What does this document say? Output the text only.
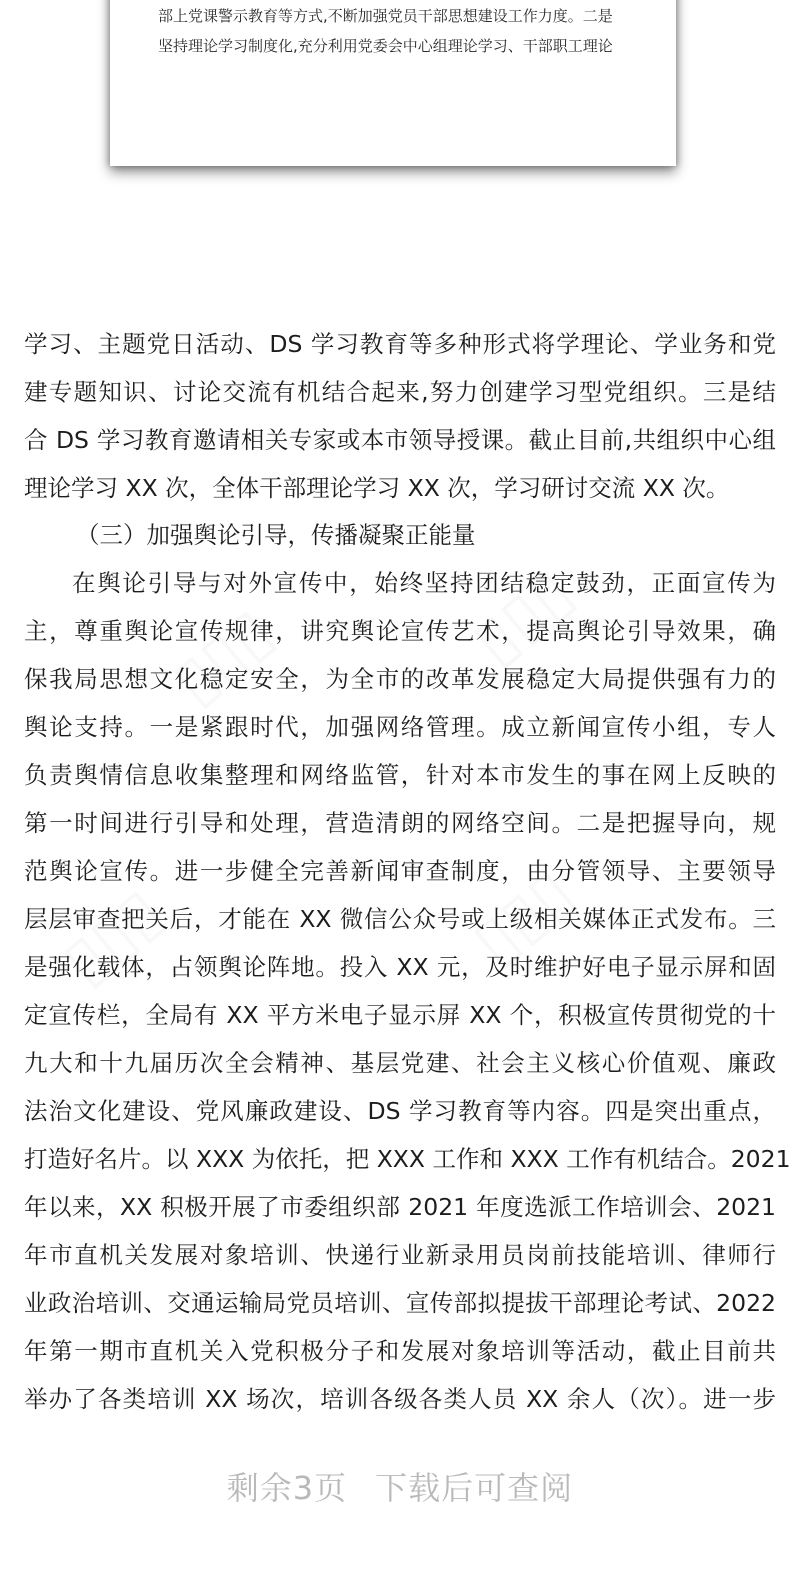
部上党课警示教育等方式,不断加强党员干部思想建设工作力度。二是
坚持理论学习制度化,充分利用党委会中心组理论学习、干部职工理论
▯▯▯	▯▯▯
▯▯▯	▯▯▯
学习、主题党日活动、DS 学习教育等多种形式将学理论、学业务和党
建专题知识、讨论交流有机结合起来,努力创建学习型党组织。三是结
合 DS 学习教育邀请相关专家或本市领导授课。截止目前,共组织中心组
理论学习 XX 次，全体干部理论学习 XX 次，学习研讨交流 XX 次。
（三）加强舆论引导，传播凝聚正能量
在舆论引导与对外宣传中，始终坚持团结稳定鼓劲，正面宣传为
主，尊重舆论宣传规律，讲究舆论宣传艺术，提高舆论引导效果，确
保我局思想文化稳定安全，为全市的改革发展稳定大局提供强有力的
舆论支持。一是紧跟时代，加强网络管理。成立新闻宣传小组，专人
负责舆情信息收集整理和网络监管，针对本市发生的事在网上反映的
第一时间进行引导和处理，营造清朗的网络空间。二是把握导向，规
范舆论宣传。进一步健全完善新闻审查制度，由分管领导、主要领导
层层审查把关后，才能在 XX 微信公众号或上级相关媒体正式发布。三
是强化载体，占领舆论阵地。投入 XX 元，及时维护好电子显示屏和固
定宣传栏，全局有 XX 平方米电子显示屏 XX 个，积极宣传贯彻党的十
九大和十九届历次全会精神、基层党建、社会主义核心价值观、廉政
法治文化建设、党风廉政建设、DS 学习教育等内容。四是突出重点，
打造好名片。以 XXX 为依托，把 XXX 工作和 XXX 工作有机结合。2021
年以来，XX 积极开展了市委组织部 2021 年度选派工作培训会、2021
年市直机关发展对象培训、快递行业新录用员岗前技能培训、律师行
业政治培训、交通运输局党员培训、宣传部拟提拔干部理论考试、2022
年第一期市直机关入党积极分子和发展对象培训等活动，截止目前共
举办了各类培训 XX 场次，培训各级各类人员 XX 余人（次）。进一步
剩余3页 下载后可查阅
